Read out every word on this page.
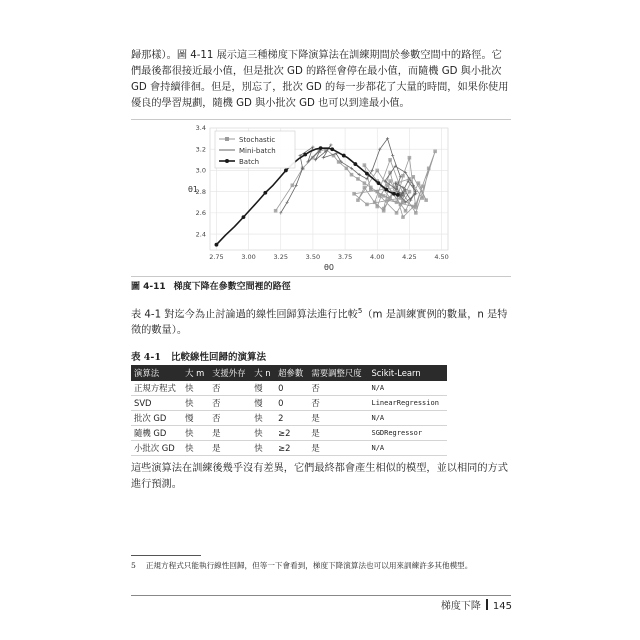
歸那樣）。圖 4-11 展示這三種梯度下降演算法在訓練期間於參數空間中的路徑。它們最後都很接近最小值，但是批次 GD 的路徑會停在最小值，而隨機 GD 與小批次 GD 會持續徘徊。但是，別忘了，批次 GD 的每一步都花了大量的時間，如果你使用優良的學習規劃，隨機 GD 與小批次 GD 也可以到達最小值。

2.75	3.00	3.25	3.50	3.75	4.00	4.25	4.50
2.4
2.6
2.8
3.0
3.2
3.4
θ0
θ1
Stochastic
Mini-batch
Batch
圖 4-11 梯度下降在參數空間裡的路徑

表 4-1 對迄今為止討論過的線性回歸算法進行比較$^5$（m 是訓練實例的數量，n 是特徵的數量）。

表 4-1 比較線性回歸的演算法
演算法	大 m	支援外存	大 n	超參數	需要調整尺度	Scikit-Learn
正規方程式	快	否	慢	0	否	N/A
SVD	快	否	慢	0	否	LinearRegression
批次 GD	慢	否	快	2	是	N/A
隨機 GD	快	是	快	≥2	是	SGDRegressor
小批次 GD	快	是	快	≥2	是	N/A

這些演算法在訓練後幾乎沒有差異，它們最終都會產生相似的模型，並以相同的方式進行預測。

5 正規方程式只能執行線性回歸，但等一下會看到，梯度下降演算法也可以用來訓練許多其他模型。
梯度下降 145
